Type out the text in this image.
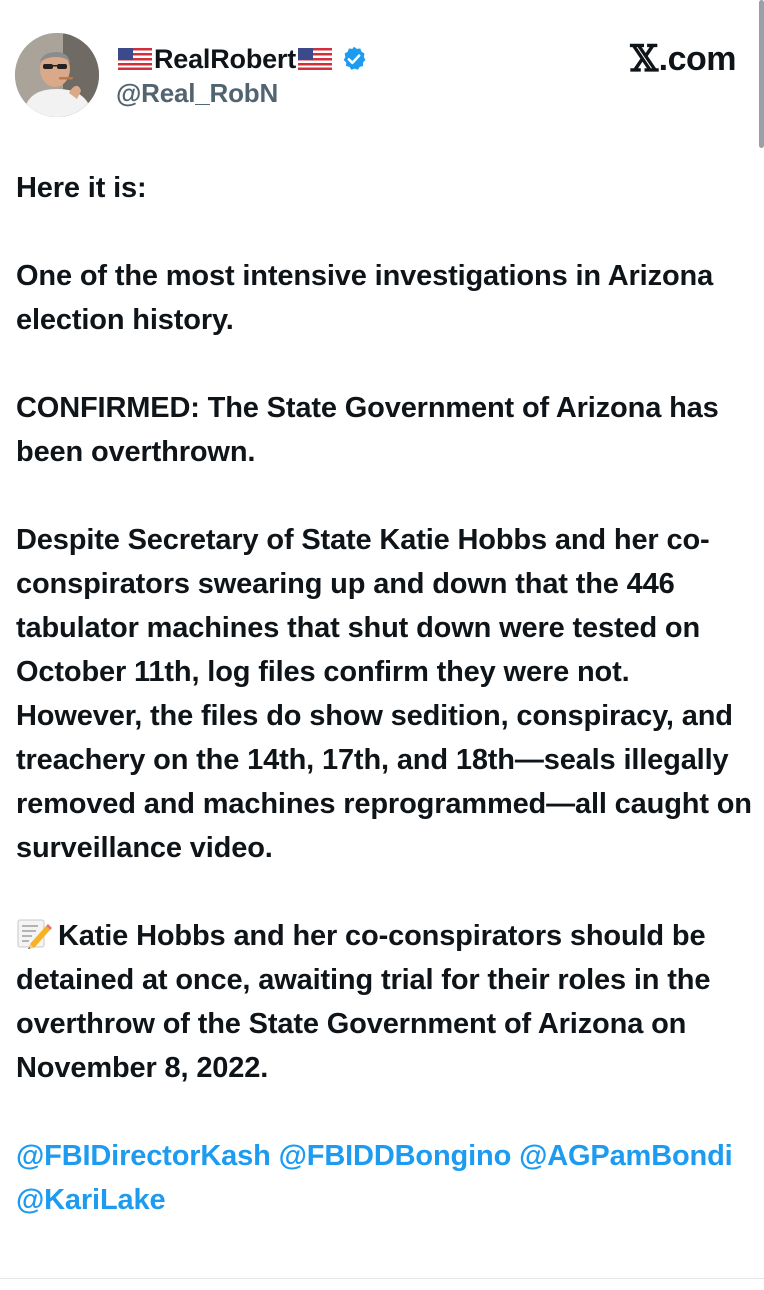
RealRobert
@Real_RobN
𝕏 .com

Here it is:

One of the most intensive investigations in Arizona election history.

CONFIRMED: The State Government of Arizona has been overthrown.

Despite Secretary of State Katie Hobbs and her co-conspirators swearing up and down that the 446 tabulator machines that shut down were tested on October 11th, log files confirm they were not. However, the files do show sedition, conspiracy, and treachery on the 14th, 17th, and 18th—seals illegally removed and machines reprogrammed—all caught on surveillance video.

Katie Hobbs and her co-conspirators should be detained at once, awaiting trial for their roles in the overthrow of the State Government of Arizona on November 8, 2022.

@FBIDirectorKash @FBIDDBongino @AGPamBondi @KariLake
